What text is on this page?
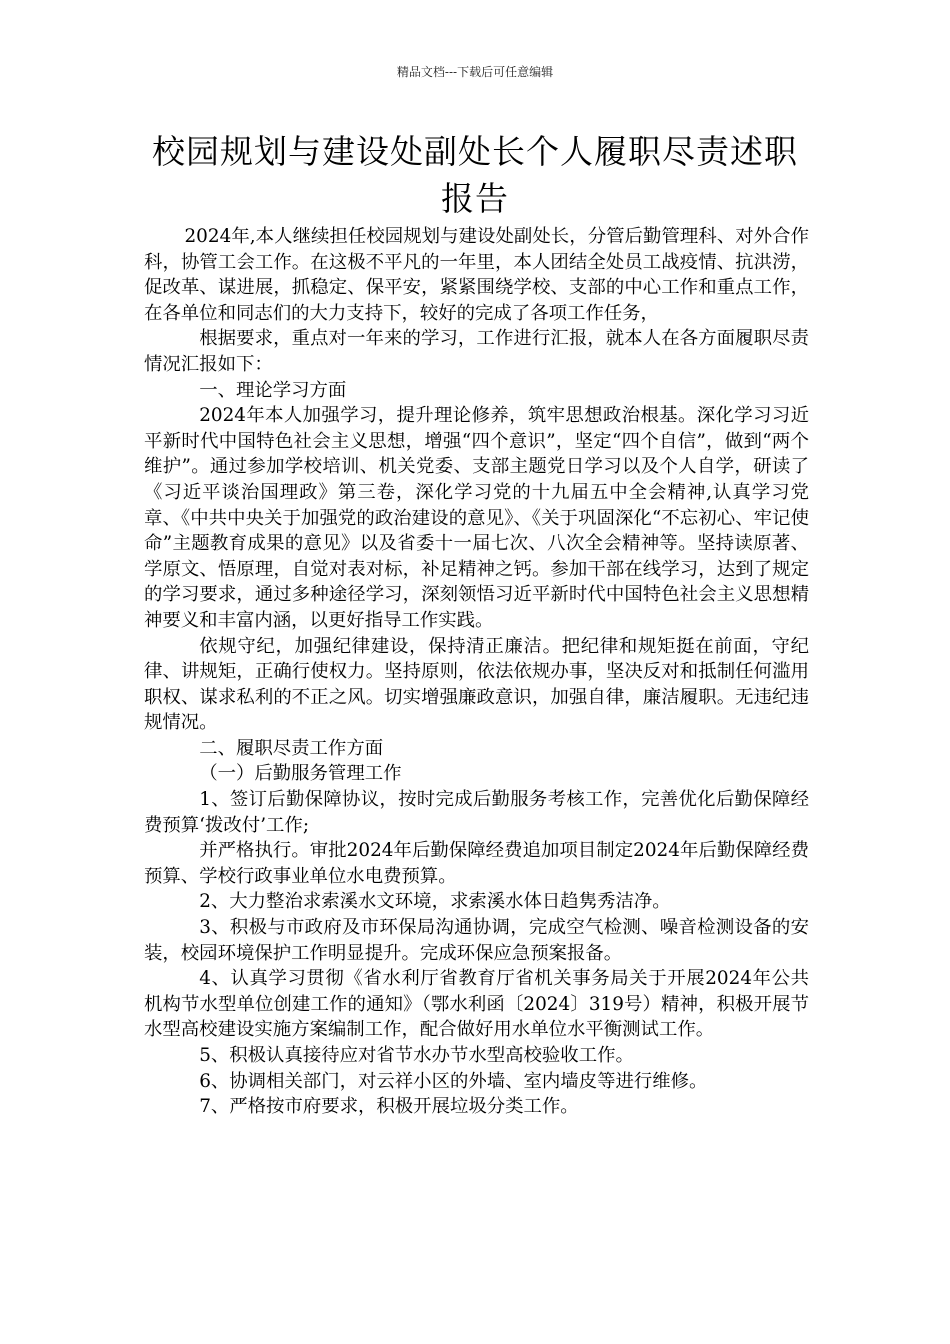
精品文档---下载后可任意编辑
校园规划与建设处副处长个人履职尽责述职报告

2024年,本人继续担任校园规划与建设处副处长，分管后勤管理科、对外合作科，协管工会工作。在这极不平凡的一年里，本人团结全处员工战疫情、抗洪涝，促改革、谋进展，抓稳定、保平安，紧紧围绕学校、支部的中心工作和重点工作，在各单位和同志们的大力支持下，较好的完成了各项工作任务，

根据要求，重点对一年来的学习，工作进行汇报，就本人在各方面履职尽责情况汇报如下：

一、理论学习方面

2024年本人加强学习，提升理论修养，筑牢思想政治根基。深化学习习近平新时代中国特色社会主义思想，增强“四个意识”，坚定“四个自信”，做到“两个维护”。通过参加学校培训、机关党委、支部主题党日学习以及个人自学，研读了《习近平谈治国理政》第三卷，深化学习党的十九届五中全会精神,认真学习党章、《中共中央关于加强党的政治建设的意见》、《关于巩固深化“不忘初心、牢记使命”主题教育成果的意见》以及省委十一届七次、八次全会精神等。坚持读原著、学原文、悟原理，自觉对表对标，补足精神之钙。参加干部在线学习，达到了规定的学习要求，通过多种途径学习，深刻领悟习近平新时代中国特色社会主义思想精神要义和丰富内涵，以更好指导工作实践。

依规守纪，加强纪律建设，保持清正廉洁。把纪律和规矩挺在前面，守纪律、讲规矩，正确行使权力。坚持原则，依法依规办事，坚决反对和抵制任何滥用职权、谋求私利的不正之风。切实增强廉政意识，加强自律，廉洁履职。无违纪违规情况。

二、履职尽责工作方面

（一）后勤服务管理工作

1、签订后勤保障协议，按时完成后勤服务考核工作，完善优化后勤保障经费预算‘拨改付’工作;

并严格执行。审批2024年后勤保障经费追加项目制定2024年后勤保障经费预算、学校行政事业单位水电费预算。

2、大力整治求索溪水文环境，求索溪水体日趋隽秀洁净。

3、积极与市政府及市环保局沟通协调，完成空气检测、噪音检测设备的安装，校园环境保护工作明显提升。完成环保应急预案报备。

4、认真学习贯彻《省水利厅省教育厅省机关事务局关于开展2024年公共机构节水型单位创建工作的通知》（鄂水利函〔2024〕319号）精神，积极开展节水型高校建设实施方案编制工作，配合做好用水单位水平衡测试工作。

5、积极认真接待应对省节水办节水型高校验收工作。

6、协调相关部门，对云祥小区的外墙、室内墙皮等进行维修。

7、严格按市府要求，积极开展垃圾分类工作。
